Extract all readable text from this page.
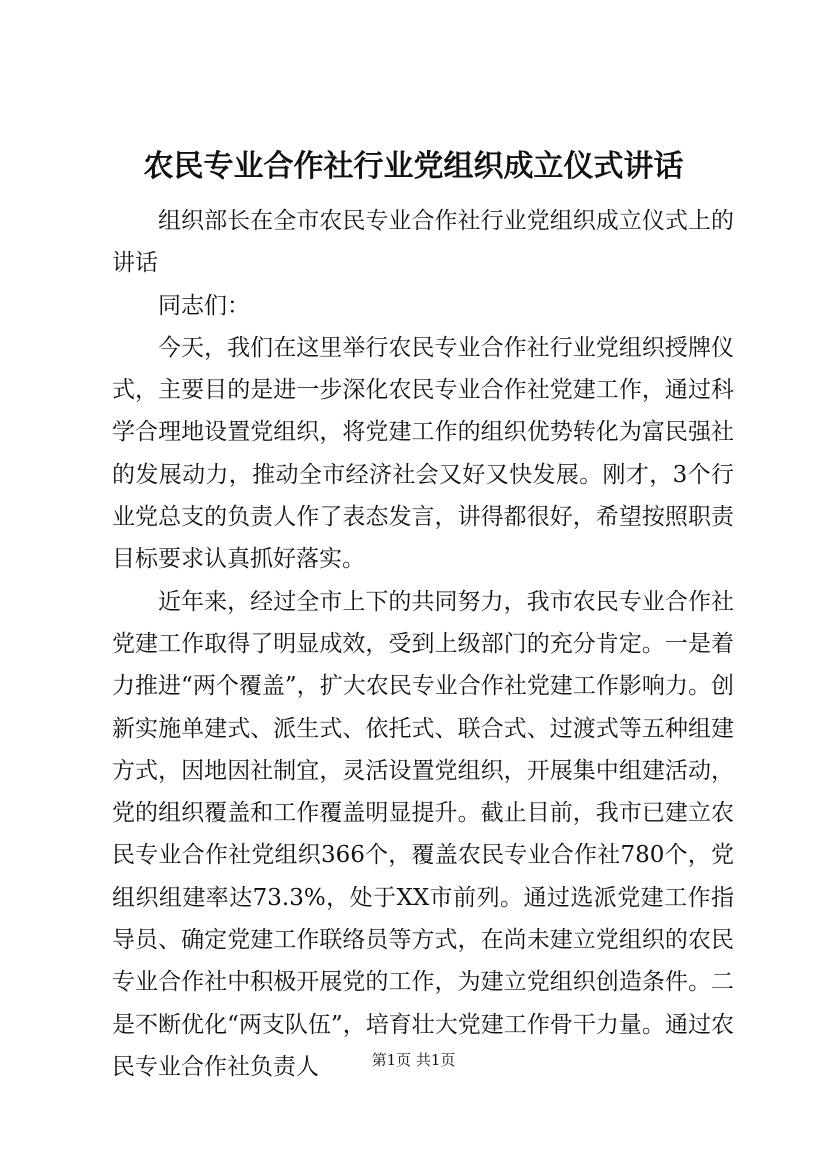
农民专业合作社行业党组织成立仪式讲话

组织部长在全市农民专业合作社行业党组织成立仪式上的讲话

同志们：

今天，我们在这里举行农民专业合作社行业党组织授牌仪式，主要目的是进一步深化农民专业合作社党建工作，通过科学合理地设置党组织，将党建工作的组织优势转化为富民强社的发展动力，推动全市经济社会又好又快发展。刚才，3个行业党总支的负责人作了表态发言，讲得都很好，希望按照职责目标要求认真抓好落实。

近年来，经过全市上下的共同努力，我市农民专业合作社党建工作取得了明显成效，受到上级部门的充分肯定。一是着力推进“两个覆盖”，扩大农民专业合作社党建工作影响力。创新实施单建式、派生式、依托式、联合式、过渡式等五种组建方式，因地因社制宜，灵活设置党组织，开展集中组建活动，党的组织覆盖和工作覆盖明显提升。截止目前，我市已建立农民专业合作社党组织366个，覆盖农民专业合作社780个，党组织组建率达73.3%，处于XX市前列。通过选派党建工作指导员、确定党建工作联络员等方式，在尚未建立党组织的农民专业合作社中积极开展党的工作，为建立党组织创造条件。二是不断优化“两支队伍”，培育壮大党建工作骨干力量。通过农民专业合作社负责人	第1页 共1页
